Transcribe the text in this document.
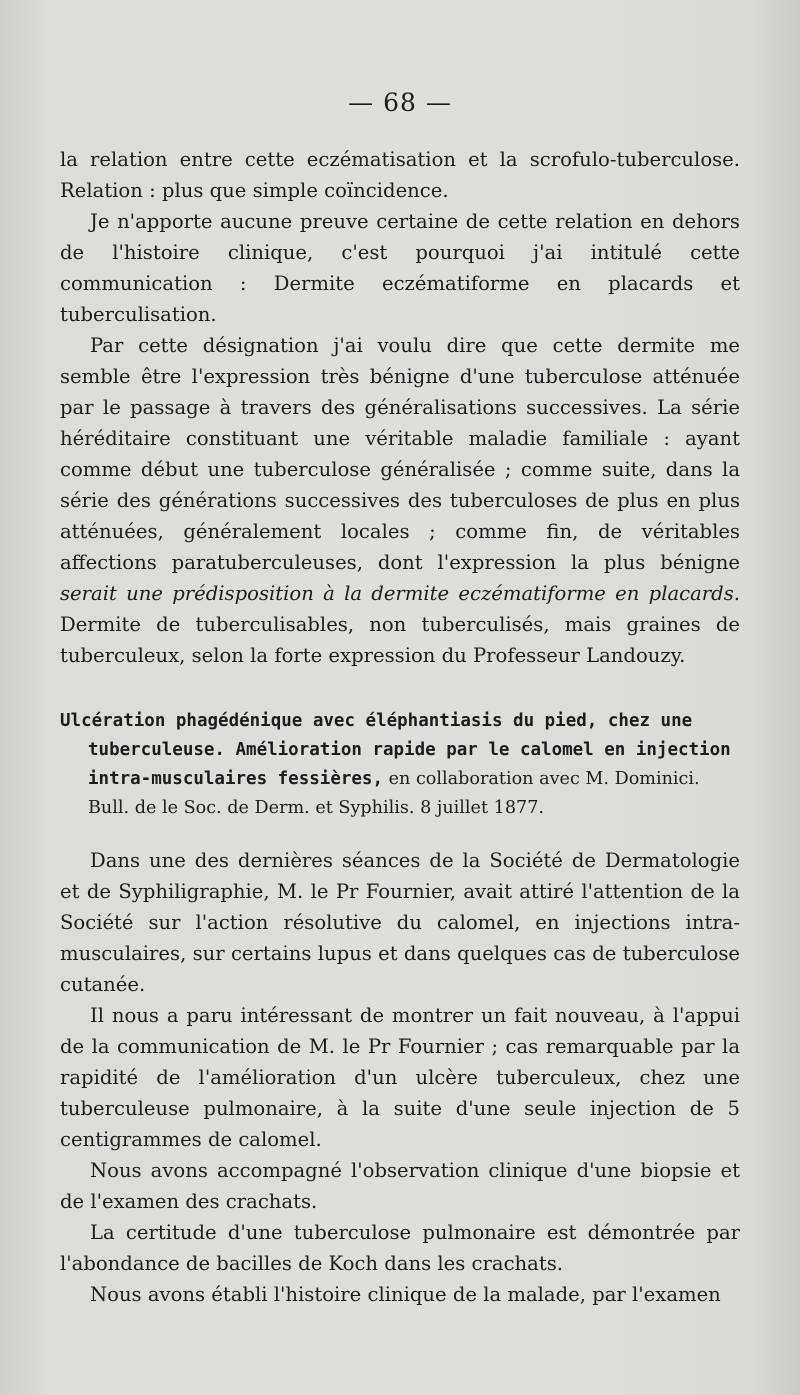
— 68 —

la relation entre cette eczématisation et la scrofulo-tuberculose. Relation : plus que simple coïncidence.

Je n'apporte aucune preuve certaine de cette relation en dehors de l'histoire clinique, c'est pourquoi j'ai intitulé cette communication : Dermite eczématiforme en placards et tuberculisation.

Par cette désignation j'ai voulu dire que cette dermite me semble être l'expression très bénigne d'une tuberculose atténuée par le passage à travers des généralisations successives. La série héréditaire constituant une véritable maladie familiale : ayant comme début une tuberculose généralisée ; comme suite, dans la série des générations successives des tuberculoses de plus en plus atténuées, généralement locales ; comme fin, de véritables affections paratuberculeuses, dont l'expression la plus bénigne serait une prédisposition à la dermite eczématiforme en placards. Dermite de tuberculisables, non tuberculisés, mais graines de tuberculeux, selon la forte expression du Professeur Landouzy.

Ulcération phagédénique avec éléphantiasis du pied, chez une
tuberculeuse. Amélioration rapide par le calomel en injection
intra-musculaires fessières, en collaboration avec M. Dominici.
Bull. de le Soc. de Derm. et Syphilis. 8 juillet 1877.

Dans une des dernières séances de la Société de Dermatologie et de Syphiligraphie, M. le Pr Fournier, avait attiré l'attention de la Société sur l'action résolutive du calomel, en injections intra-musculaires, sur certains lupus et dans quelques cas de tuberculose cutanée.

Il nous a paru intéressant de montrer un fait nouveau, à l'appui de la communication de M. le Pr Fournier ; cas remarquable par la rapidité de l'amélioration d'un ulcère tuberculeux, chez une tuberculeuse pulmonaire, à la suite d'une seule injection de 5 centigrammes de calomel.

Nous avons accompagné l'observation clinique d'une biopsie et de l'examen des crachats.

La certitude d'une tuberculose pulmonaire est démontrée par l'abondance de bacilles de Koch dans les crachats.

Nous avons établi l'histoire clinique de la malade, par l'examen
